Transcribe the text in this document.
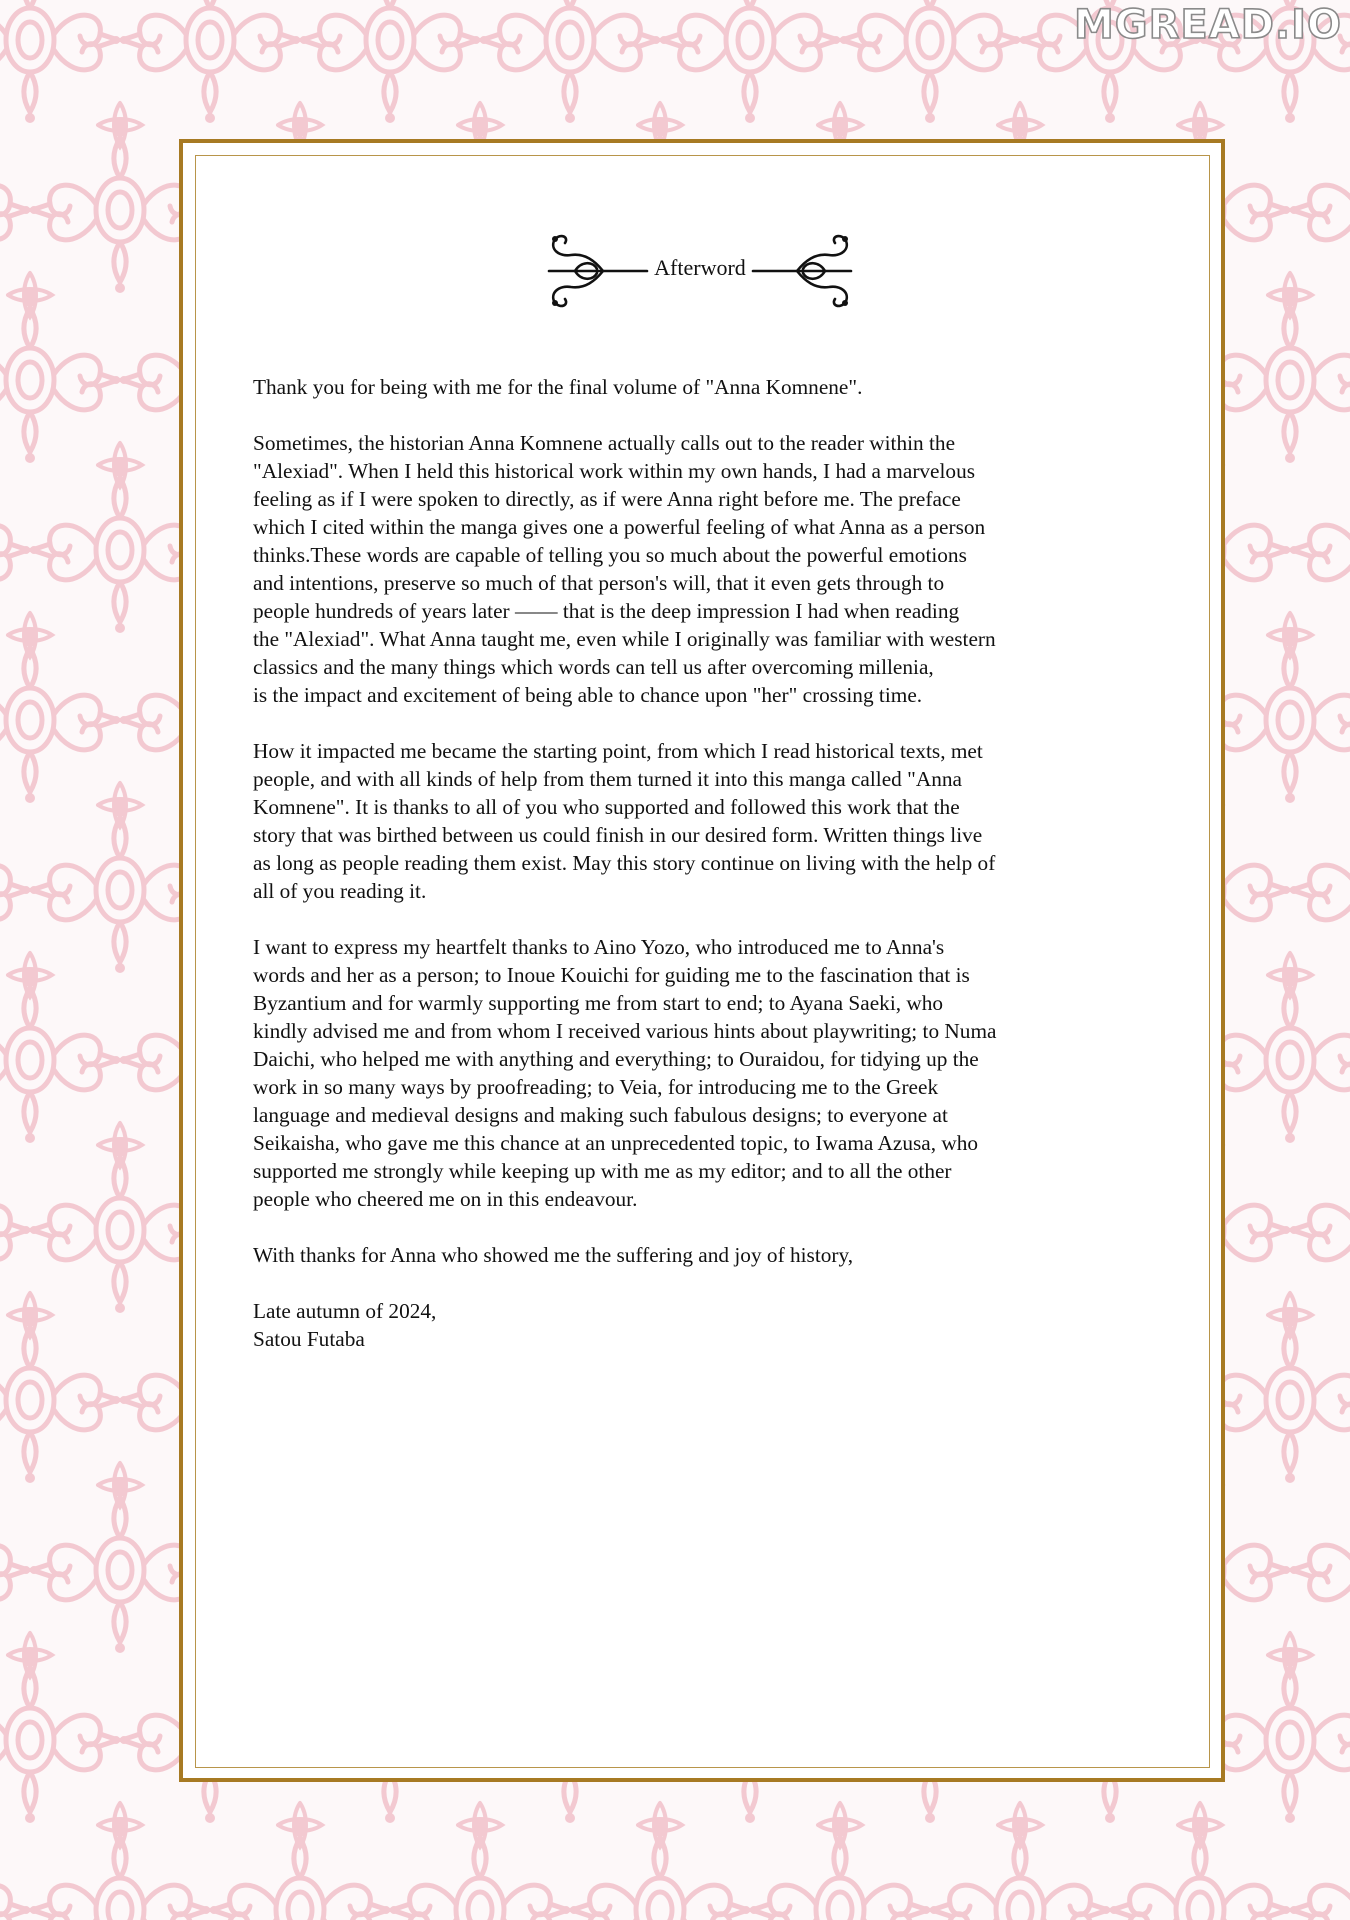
MGREAD.IO
Afterword

Thank you for being with me for the final volume of "Anna Komnene".

Sometimes, the historian Anna Komnene actually calls out to the reader within the
"Alexiad". When I held this historical work within my own hands, I had a marvelous
feeling as if I were spoken to directly, as if were Anna right before me. The preface
which I cited within the manga gives one a powerful feeling of what Anna as a person
thinks.These words are capable of telling you so much about the powerful emotions
and intentions, preserve so much of that person's will, that it even gets through to
people hundreds of years later —— that is the deep impression I had when reading
the "Alexiad". What Anna taught me, even while I originally was familiar with western
classics and the many things which words can tell us after overcoming millenia,
is the impact and excitement of being able to chance upon "her" crossing time.

How it impacted me became the starting point, from which I read historical texts, met
people, and with all kinds of help from them turned it into this manga called "Anna
Komnene". It is thanks to all of you who supported and followed this work that the
story that was birthed between us could finish in our desired form. Written things live
as long as people reading them exist. May this story continue on living with the help of
all of you reading it.

I want to express my heartfelt thanks to Aino Yozo, who introduced me to Anna's
words and her as a person; to Inoue Kouichi for guiding me to the fascination that is
Byzantium and for warmly supporting me from start to end; to Ayana Saeki, who
kindly advised me and from whom I received various hints about playwriting; to Numa
Daichi, who helped me with anything and everything; to Ouraidou, for tidying up the
work in so many ways by proofreading; to Veia, for introducing me to the Greek
language and medieval designs and making such fabulous designs; to everyone at
Seikaisha, who gave me this chance at an unprecedented topic, to Iwama Azusa, who
supported me strongly while keeping up with me as my editor; and to all the other
people who cheered me on in this endeavour.

With thanks for Anna who showed me the suffering and joy of history,

Late autumn of 2024,
Satou Futaba
